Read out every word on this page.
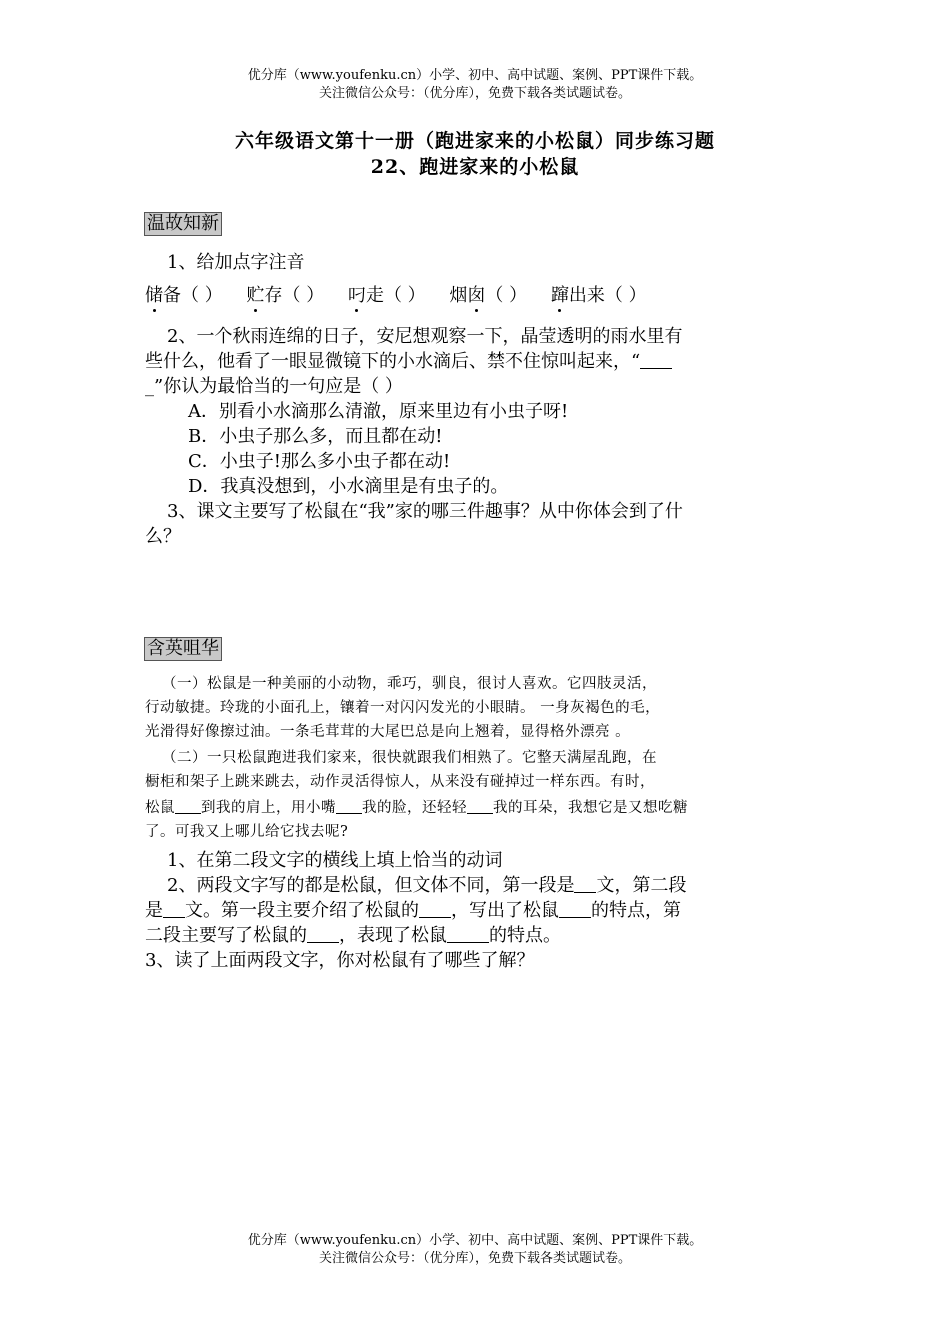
优分库（www.youfenku.cn）小学、初中、高中试题、案例、PPT课件下载。
关注微信公众号：（优分库），免费下载各类试题试卷。
六年级语文第十一册（跑进家来的小松鼠）同步练习题
22、跑进家来的小松鼠
温故知新
1、给加点字注音
储备（ ） 贮存（ ） 叼走（ ） 烟囱（ ） 蹿出来（ ）
2、一个秋雨连绵的日子，安尼想观察一下，晶莹透明的雨水里有
些什么，他看了一眼显微镜下的小水滴后、禁不住惊叫起来，“
_”你认为最恰当的一句应是（ ）
A．别看小水滴那么清澈，原来里边有小虫子呀!
B．小虫子那么多，而且都在动!
C．小虫子!那么多小虫子都在动!
D．我真没想到，小水滴里是有虫子的。
3、课文主要写了松鼠在“我”家的哪三件趣事？从中你体会到了什
么？
含英咀华
（一）松鼠是一种美丽的小动物，乖巧，驯良，很讨人喜欢。它四肢灵活，
行动敏捷。玲珑的小面孔上，镶着一对闪闪发光的小眼睛。 一身灰褐色的毛，
光滑得好像擦过油。一条毛茸茸的大尾巴总是向上翘着，显得格外漂亮 。
（二）一只松鼠跑进我们家来，很快就跟我们相熟了。它整天满屋乱跑，在
橱柜和架子上跳来跳去，动作灵活得惊人，从来没有碰掉过一样东西。有时，
松鼠 到我的肩上，用小嘴 我的脸，还轻轻 我的耳朵，我想它是又想吃糖
了。可我又上哪儿给它找去呢?
1、在第二段文字的横线上填上恰当的动词
2、两段文字写的都是松鼠，但文体不同，第一段是 文，第二段
是 文。第一段主要介绍了松鼠的 ，写出了松鼠 的特点，第
二段主要写了松鼠的 ，表现了松鼠 的特点。
3、读了上面两段文字，你对松鼠有了哪些了解？
优分库（www.youfenku.cn）小学、初中、高中试题、案例、PPT课件下载。
关注微信公众号：（优分库），免费下载各类试题试卷。
